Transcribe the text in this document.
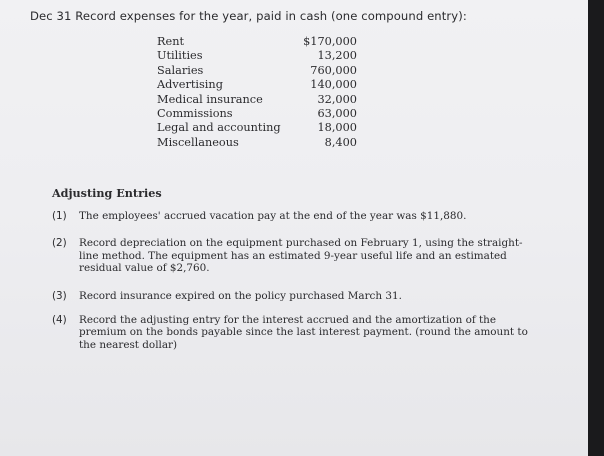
Dec 31 Record expenses for the year, paid in cash (one compound entry):
Rent	$170,000
Utilities	13,200
Salaries	760,000
Advertising	140,000
Medical insurance	32,000
Commissions	63,000
Legal and accounting	18,000
Miscellaneous	8,400
Adjusting Entries
(1) The employees' accrued vacation pay at the end of the year was $11,880.
(2) Record depreciation on the equipment purchased on February 1, using the straight-line method. The equipment has an estimated 9-year useful life and an estimated residual value of $2,760.
(3) Record insurance expired on the policy purchased March 31.
(4) Record the adjusting entry for the interest accrued and the amortization of the premium on the bonds payable since the last interest payment. (round the amount to the nearest dollar)
